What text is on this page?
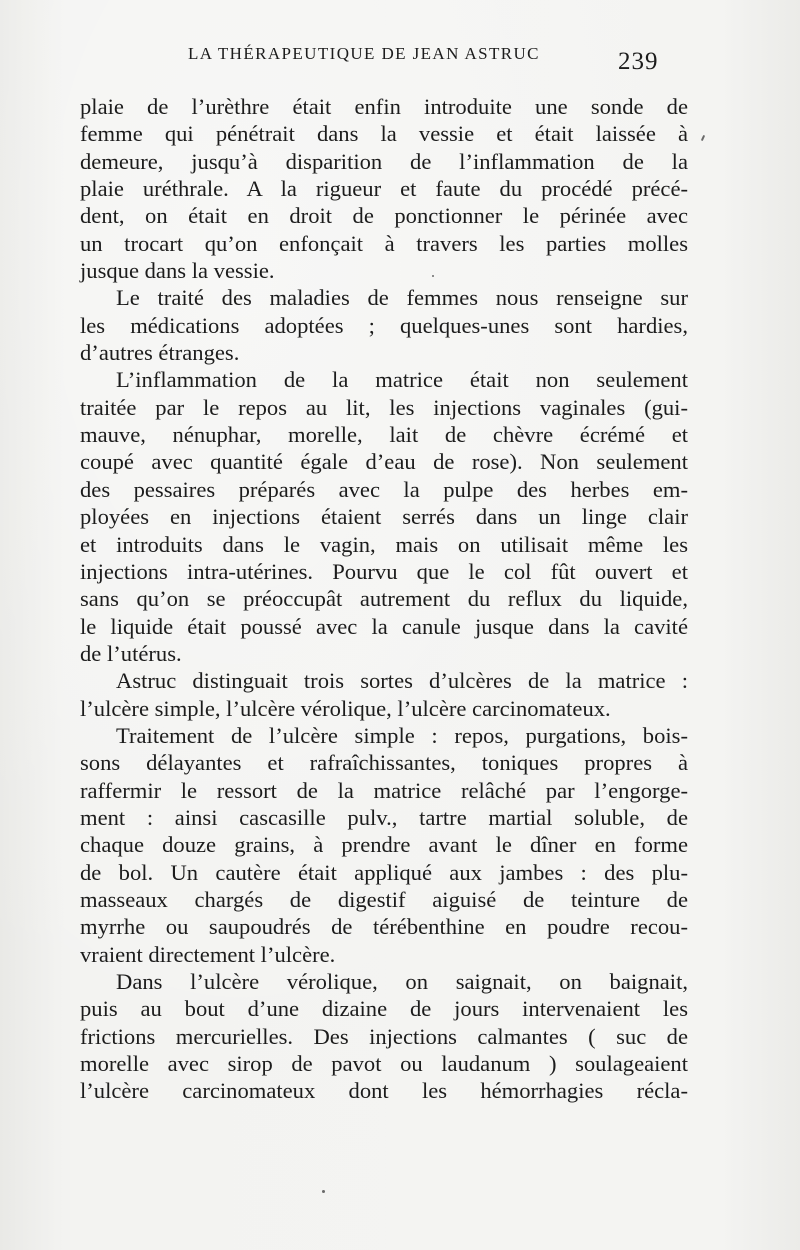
LA THÉRAPEUTIQUE DE JEAN ASTRUC	239
plaie de l’urèthre était enfin introduite une sonde de
femme qui pénétrait dans la vessie et était laissée à
demeure, jusqu’à disparition de l’inflammation de la
plaie uréthrale. A la rigueur et faute du procédé précé-
dent, on était en droit de ponctionner le périnée avec
un trocart qu’on enfonçait à travers les parties molles
jusque dans la vessie.
Le traité des maladies de femmes nous renseigne sur
les médications adoptées ; quelques-unes sont hardies,
d’autres étranges.
L’inflammation de la matrice était non seulement
traitée par le repos au lit, les injections vaginales (gui-
mauve, nénuphar, morelle, lait de chèvre écrémé et
coupé avec quantité égale d’eau de rose). Non seulement
des pessaires préparés avec la pulpe des herbes em-
ployées en injections étaient serrés dans un linge clair
et introduits dans le vagin, mais on utilisait même les
injections intra-utérines. Pourvu que le col fût ouvert et
sans qu’on se préoccupât autrement du reflux du liquide,
le liquide était poussé avec la canule jusque dans la cavité
de l’utérus.
Astruc distinguait trois sortes d’ulcères de la matrice :
l’ulcère simple, l’ulcère vérolique, l’ulcère carcinomateux.
Traitement de l’ulcère simple : repos, purgations, bois-
sons délayantes et rafraîchissantes, toniques propres à
raffermir le ressort de la matrice relâché par l’engorge-
ment : ainsi cascasille pulv., tartre martial soluble, de
chaque douze grains, à prendre avant le dîner en forme
de bol. Un cautère était appliqué aux jambes : des plu-
masseaux chargés de digestif aiguisé de teinture de
myrrhe ou saupoudrés de térébenthine en poudre recou-
vraient directement l’ulcère.
Dans l’ulcère vérolique, on saignait, on baignait,
puis au bout d’une dizaine de jours intervenaient les
frictions mercurielles. Des injections calmantes ( suc de
morelle avec sirop de pavot ou laudanum ) soulageaient
l’ulcère carcinomateux dont les hémorrhagies récla-
